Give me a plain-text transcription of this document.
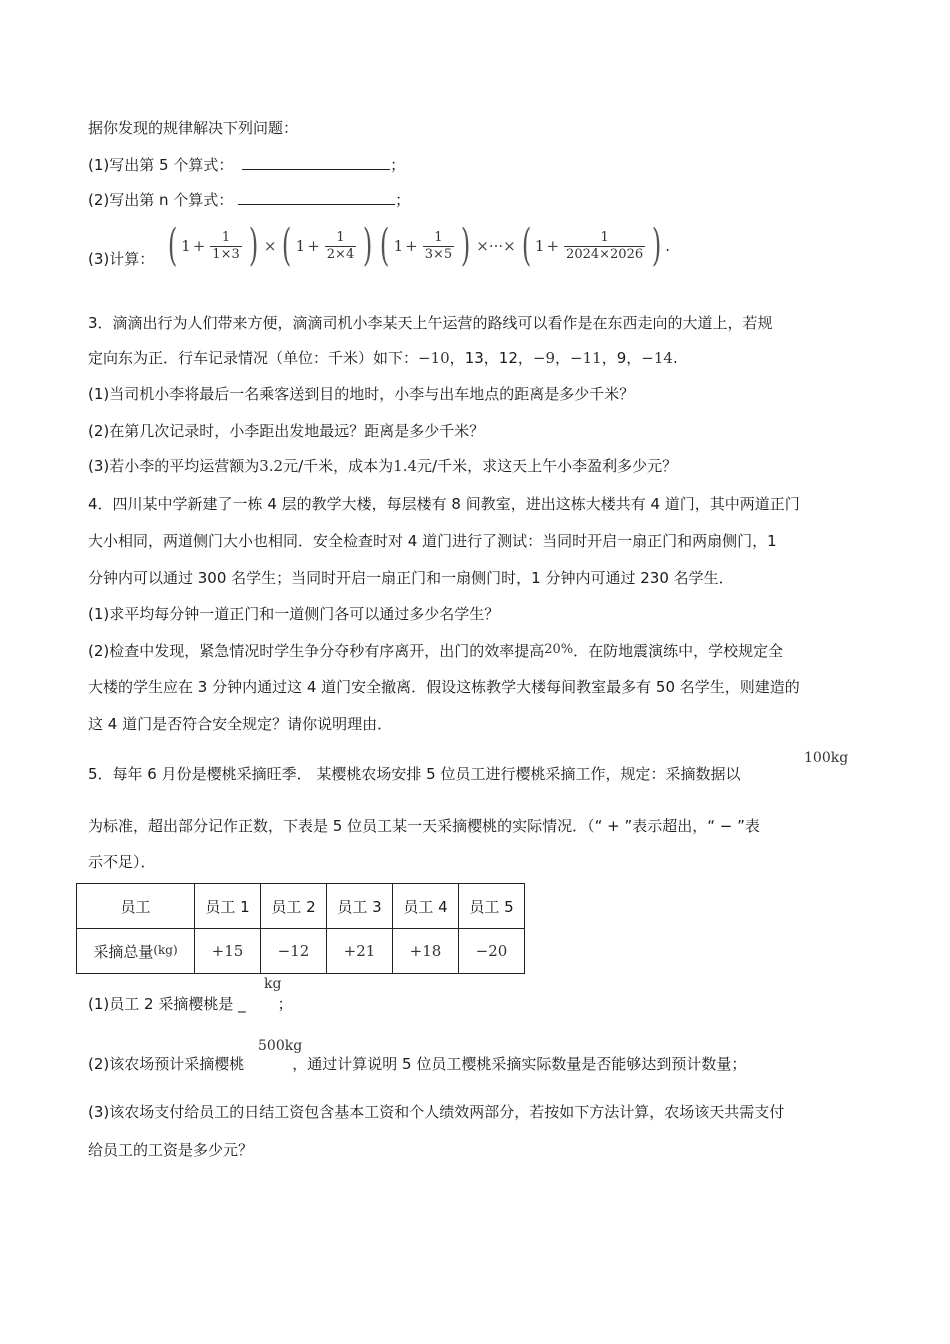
据你发现的规律解决下列问题：
(1)写出第 5 个算式：	；
(2)写出第 n 个算式：	；
(3)计算： ( $1 + \frac{1}{1\times 3}$ ) × ( $1 + \frac{1}{2\times 4}$ ) ( $1 + \frac{1}{3\times 5}$ ) ×···× ( $1 + \frac{1}{2024\times 2026}$ ) .
3．滴滴出行为人们带来方便，滴滴司机小李某天上午运营的路线可以看作是在东西走向的大道上，若规
定向东为正．行车记录情况（单位：千米）如下：−10，13，12，−9，−11，9，−14.
(1)当司机小李将最后一名乘客送到目的地时，小李与出车地点的距离是多少千米？
(2)在第几次记录时，小李距出发地最远？距离是多少千米？
(3)若小李的平均运营额为3.2元/千米，成本为1.4元/千米，求这天上午小李盈利多少元？
4．四川某中学新建了一栋 4 层的教学大楼，每层楼有 8 间教室，进出这栋大楼共有 4 道门，其中两道正门
大小相同，两道侧门大小也相同．安全检查时对 4 道门进行了测试：当同时开启一扇正门和两扇侧门，1
分钟内可以通过 300 名学生；当同时开启一扇正门和一扇侧门时，1 分钟内可通过 230 名学生．
(1)求平均每分钟一道正门和一道侧门各可以通过多少名学生？
(2)检查中发现，紧急情况时学生争分夺秒有序离开，出门的效率提高20%．在防地震演练中，学校规定全
大楼的学生应在 3 分钟内通过这 4 道门安全撤离．假设这栋教学大楼每间教室最多有 50 名学生，则建造的
这 4 道门是否符合安全规定？请你说明理由．
5．每年 6 月份是樱桃采摘旺季． 某樱桃农场安排 5 位员工进行樱桃采摘工作，规定：采摘数据以
100kg
为标准，超出部分记作正数，下表是 5 位员工某一天采摘樱桃的实际情况．（“ + ”表示超出，“ − ”表
示不足）．
员工	员工 1	员工 2	员工 3	员工 4	员工 5
采摘总量$^{(kg)}$	+15	−12	+21	+18	−20
(1)员工 2 采摘樱桃是 _ ；
kg
(2)该农场预计采摘樱桃	，通过计算说明 5 位员工樱桃采摘实际数量是否能够达到预计数量；
500kg
(3)该农场支付给员工的日结工资包含基本工资和个人绩效两部分，若按如下方法计算，农场该天共需支付
给员工的工资是多少元？
